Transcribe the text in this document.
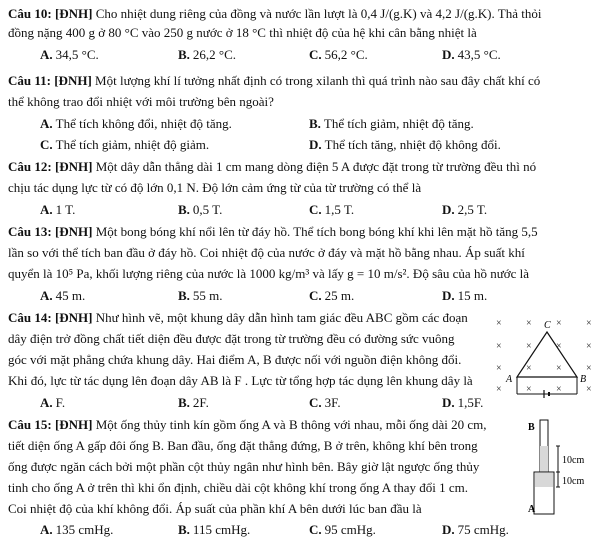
Câu 10: [ĐNH] Cho nhiệt dung riêng của đồng và nước lần lượt là 0,4 J/(g.K) và 4,2 J/(g.K). Thả thỏi
đồng nặng 400 g ở 80 °C vào 250 g nước ở 18 °C thì nhiệt độ của hệ khi cân bằng nhiệt là
A. 34,5 °C.	B. 26,2 °C.	C. 56,2 °C.	D. 43,5 °C.
Câu 11: [ĐNH] Một lượng khí lí tưởng nhất định có trong xilanh thì quá trình nào sau đây chất khí có
thể không trao đổi nhiệt với môi trường bên ngoài?
A. Thể tích không đổi, nhiệt độ tăng.	B. Thể tích giảm, nhiệt độ tăng.
C. Thể tích giảm, nhiệt độ giảm.	D. Thể tích tăng, nhiệt độ không đổi.
Câu 12: [ĐNH] Một dây dẫn thẳng dài 1 cm mang dòng điện 5 A được đặt trong từ trường đều thì nó
chịu tác dụng lực từ có độ lớn 0,1 N. Độ lớn cảm ứng từ của từ trường có thể là
A. 1 T.	B. 0,5 T.	C. 1,5 T.	D. 2,5 T.
Câu 13: [ĐNH] Một bong bóng khí nổi lên từ đáy hồ. Thể tích bong bóng khí khi lên mặt hồ tăng 5,5
lần so với thể tích ban đầu ở đáy hồ. Coi nhiệt độ của nước ở đáy và mặt hồ bằng nhau. Áp suất khí
quyển là 10⁵ Pa, khối lượng riêng của nước là 1000 kg/m³ và lấy g = 10 m/s². Độ sâu của hồ nước là
A. 45 m.	B. 55 m.	C. 25 m.	D. 15 m.
Câu 14: [ĐNH] Như hình vẽ, một khung dây dẫn hình tam giác đều ABC gồm các đoạn
dây điện trở đồng chất tiết diện đều được đặt trong từ trường đều có đường sức vuông
góc với mặt phẳng chứa khung dây. Hai điểm A, B được nối với nguồn điện không đổi.
Khi đó, lực từ tác dụng lên đoạn dây AB là F . Lực từ tổng hợp tác dụng lên khung dây là
A. F.	B. 2F.	C. 3F.	D. 1,5F.
× × × ×
× × × ×
× × × ×
× × × ×
A	B
C
Câu 15: [ĐNH] Một ống thủy tinh kín gồm ống A và B thông với nhau, mỗi ống dài 20 cm,
tiết diện ống A gấp đôi ống B. Ban đầu, ống đặt thẳng đứng, B ở trên, không khí bên trong
ống được ngăn cách bởi một phần cột thủy ngân như hình bên. Bây giờ lật ngược ống thủy
tinh cho ống A ở trên thì khi ổn định, chiều dài cột không khí trong ống A thay đổi 1 cm.
Coi nhiệt độ của khí không đổi. Áp suất của phần khí A bên dưới lúc ban đầu là
A. 135 cmHg.	B. 115 cmHg.	C. 95 cmHg.	D. 75 cmHg.
B
A
10cm
10cm
